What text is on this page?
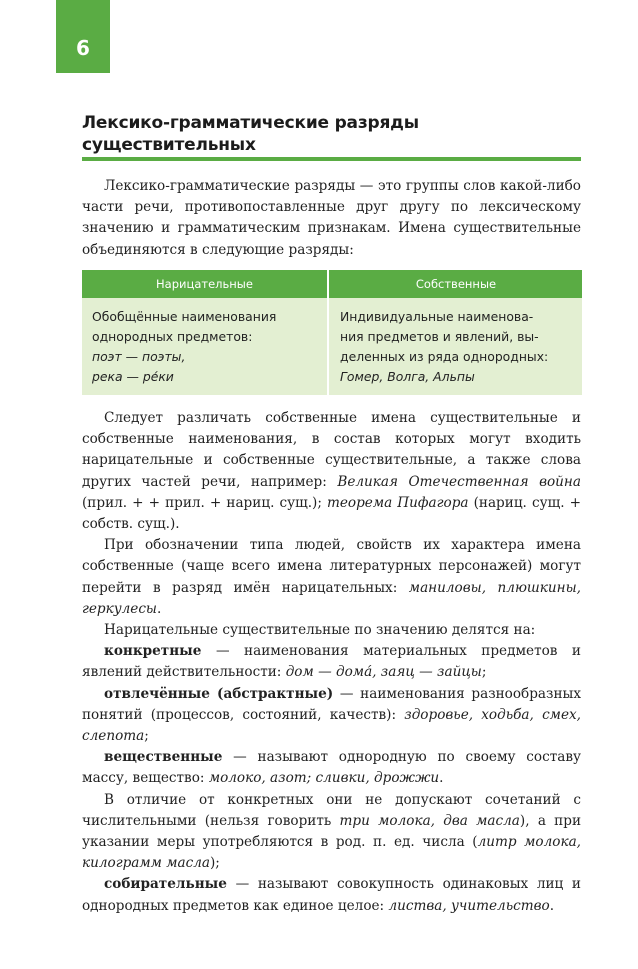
6
Лексико-грамматические разряды
существительных

Лексико-грамматические разряды — это группы слов какой-либо части речи, противопоставленные друг другу по лексическому значению и грамматическим признакам. Имена существительные объединяются в следующие разряды:

Нарицательные	Собственные
Обобщённые наименования
однородных предметов:
поэт — поэты,
река — ре́ки
Индивидуальные наименова-
ния предметов и явлений, вы-
деленных из ряда однородных:
Гомер, Волга, Альпы

Следует различать собственные имена существительные и собственные наименования, в состав которых могут входить нарицательные и собственные существительные, а также слова других частей речи, например: Великая Отечественная война (прил. + + прил. + нариц. сущ.); теорема Пифагора (нариц. сущ. + собств. сущ.).

При обозначении типа людей, свойств их характера имена собственные (чаще всего имена литературных персонажей) могут перейти в разряд имён нарицательных: маниловы, плюшкины, геркулесы.

Нарицательные существительные по значению делятся на:

конкретные — наименования материальных предметов и явлений действительности: дом — дома́, заяц — зайцы;

отвлечённые (абстрактные) — наименования разнообразных понятий (процессов, состояний, качеств): здоровье, ходьба, смех, слепота;

вещественные — называют однородную по своему составу массу, вещество: молоко, азот; сливки, дрожжи.

В отличие от конкретных они не допускают сочетаний с числительными (нельзя говорить три молока, два масла), а при указании меры употребляются в род. п. ед. числа (литр молока, килограмм масла);

собирательные — называют совокупность одинаковых лиц и однородных предметов как единое целое: листва, учительство.
